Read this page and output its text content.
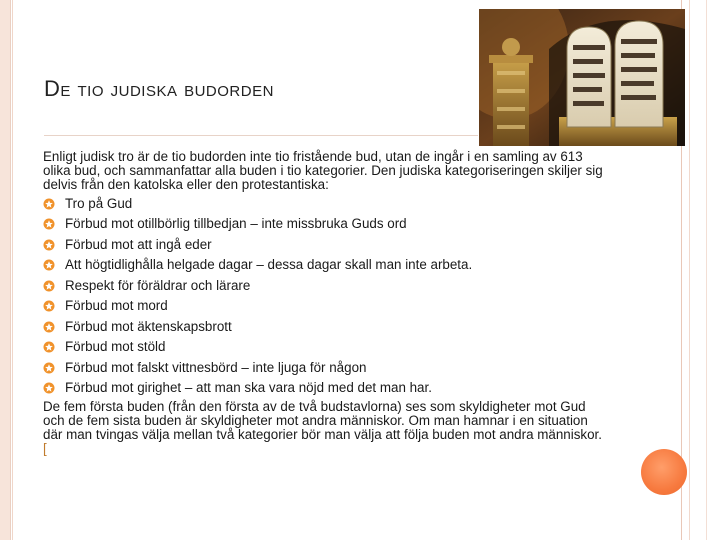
De tio judiska budorden

Enligt judisk tro är de tio budorden inte tio fristående bud, utan de ingår i en samling av 613 olika bud, och sammanfattar alla buden i tio kategorier. Den judiska kategoriseringen skiljer sig delvis från den katolska eller den protestantiska:

Tro på Gud
Förbud mot otillbörlig tillbedjan – inte missbruka Guds ord
Förbud mot att ingå eder
Att högtidlighålla helgade dagar – dessa dagar skall man inte arbeta.
Respekt för föräldrar och lärare
Förbud mot mord
Förbud mot äktenskapsbrott
Förbud mot stöld
Förbud mot falskt vittnesbörd – inte ljuga för någon
Förbud mot girighet – att man ska vara nöjd med det man har.

De fem första buden (från den första av de två budstavlorna) ses som skyldigheter mot Gud och de fem sista buden är skyldigheter mot andra människor. Om man hamnar i en situation där man tvingas välja mellan två kategorier bör man välja att följa buden mot andra människor.[
